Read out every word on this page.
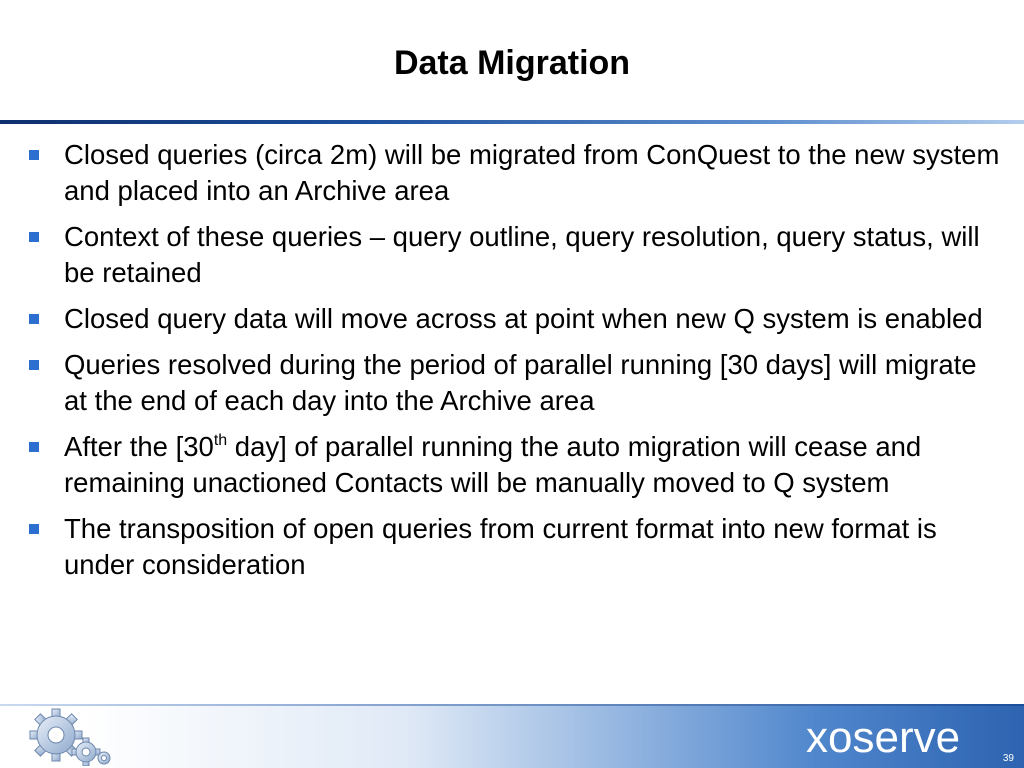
Data Migration
Closed queries (circa 2m) will be migrated from ConQuest to the new system and placed into an Archive area
Context of these queries – query outline, query resolution, query status, will be retained
Closed query data will move across at point when new Q system is enabled
Queries resolved during the period of parallel running [30 days] will migrate at the end of each day into the Archive area
After the [30th day] of parallel running the auto migration will cease and remaining unactioned Contacts will be manually moved to Q system
The transposition of open queries from current format into new format is under consideration
xoserve	39
